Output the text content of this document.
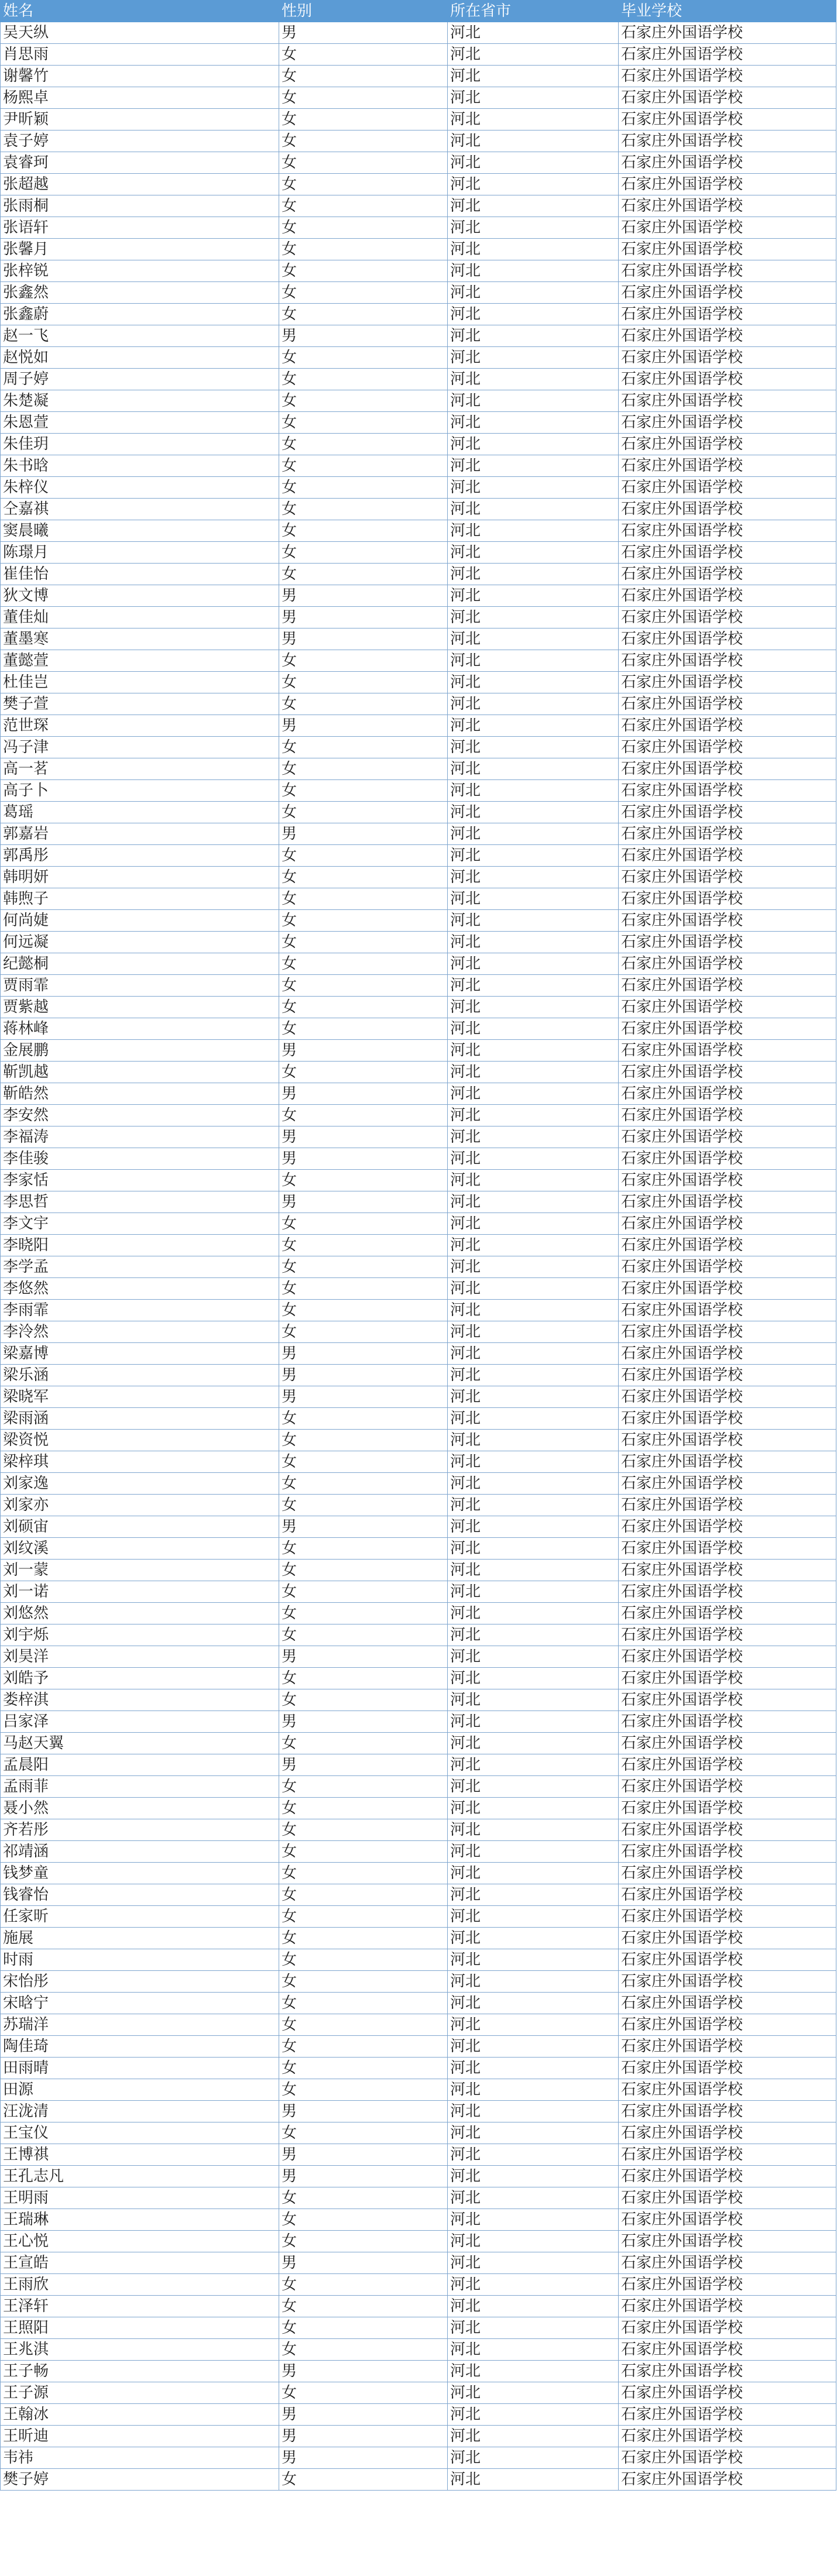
姓名	性别	所在省市	毕业学校
吴天纵	男	河北	石家庄外国语学校
肖思雨	女	河北	石家庄外国语学校
谢馨竹	女	河北	石家庄外国语学校
杨熙卓	女	河北	石家庄外国语学校
尹昕颖	女	河北	石家庄外国语学校
袁子婷	女	河北	石家庄外国语学校
袁睿珂	女	河北	石家庄外国语学校
张超越	女	河北	石家庄外国语学校
张雨桐	女	河北	石家庄外国语学校
张语轩	女	河北	石家庄外国语学校
张馨月	女	河北	石家庄外国语学校
张梓锐	女	河北	石家庄外国语学校
张鑫然	女	河北	石家庄外国语学校
张鑫蔚	女	河北	石家庄外国语学校
赵一飞	男	河北	石家庄外国语学校
赵悦如	女	河北	石家庄外国语学校
周子婷	女	河北	石家庄外国语学校
朱楚凝	女	河北	石家庄外国语学校
朱恩萱	女	河北	石家庄外国语学校
朱佳玥	女	河北	石家庄外国语学校
朱书晗	女	河北	石家庄外国语学校
朱梓仪	女	河北	石家庄外国语学校
仝嘉祺	女	河北	石家庄外国语学校
窦晨曦	女	河北	石家庄外国语学校
陈璟月	女	河北	石家庄外国语学校
崔佳怡	女	河北	石家庄外国语学校
狄文博	男	河北	石家庄外国语学校
董佳灿	男	河北	石家庄外国语学校
董墨寒	男	河北	石家庄外国语学校
董懿萱	女	河北	石家庄外国语学校
杜佳岂	女	河北	石家庄外国语学校
樊子萱	女	河北	石家庄外国语学校
范世琛	男	河北	石家庄外国语学校
冯子津	女	河北	石家庄外国语学校
高一茗	女	河北	石家庄外国语学校
高子卜	女	河北	石家庄外国语学校
葛瑶	女	河北	石家庄外国语学校
郭嘉岩	男	河北	石家庄外国语学校
郭禹彤	女	河北	石家庄外国语学校
韩明妍	女	河北	石家庄外国语学校
韩煦子	女	河北	石家庄外国语学校
何尚婕	女	河北	石家庄外国语学校
何远凝	女	河北	石家庄外国语学校
纪懿桐	女	河北	石家庄外国语学校
贾雨霏	女	河北	石家庄外国语学校
贾紫越	女	河北	石家庄外国语学校
蒋林峰	女	河北	石家庄外国语学校
金展鹏	男	河北	石家庄外国语学校
靳凯越	女	河北	石家庄外国语学校
靳皓然	男	河北	石家庄外国语学校
李安然	女	河北	石家庄外国语学校
李福涛	男	河北	石家庄外国语学校
李佳骏	男	河北	石家庄外国语学校
李家恬	女	河北	石家庄外国语学校
李思哲	男	河北	石家庄外国语学校
李文宇	女	河北	石家庄外国语学校
李晓阳	女	河北	石家庄外国语学校
李学孟	女	河北	石家庄外国语学校
李悠然	女	河北	石家庄外国语学校
李雨霏	女	河北	石家庄外国语学校
李泠然	女	河北	石家庄外国语学校
梁嘉博	男	河北	石家庄外国语学校
梁乐涵	男	河北	石家庄外国语学校
梁晓军	男	河北	石家庄外国语学校
梁雨涵	女	河北	石家庄外国语学校
梁资悦	女	河北	石家庄外国语学校
梁梓琪	女	河北	石家庄外国语学校
刘家逸	女	河北	石家庄外国语学校
刘家亦	女	河北	石家庄外国语学校
刘硕宙	男	河北	石家庄外国语学校
刘纹溪	女	河北	石家庄外国语学校
刘一蒙	女	河北	石家庄外国语学校
刘一诺	女	河北	石家庄外国语学校
刘悠然	女	河北	石家庄外国语学校
刘宇烁	女	河北	石家庄外国语学校
刘昊洋	男	河北	石家庄外国语学校
刘皓予	女	河北	石家庄外国语学校
娄梓淇	女	河北	石家庄外国语学校
吕家泽	男	河北	石家庄外国语学校
马赵天翼	女	河北	石家庄外国语学校
孟晨阳	男	河北	石家庄外国语学校
孟雨菲	女	河北	石家庄外国语学校
聂小然	女	河北	石家庄外国语学校
齐若彤	女	河北	石家庄外国语学校
祁靖涵	女	河北	石家庄外国语学校
钱梦童	女	河北	石家庄外国语学校
钱睿怡	女	河北	石家庄外国语学校
任家昕	女	河北	石家庄外国语学校
施展	女	河北	石家庄外国语学校
时雨	女	河北	石家庄外国语学校
宋怡彤	女	河北	石家庄外国语学校
宋晗宁	女	河北	石家庄外国语学校
苏瑞洋	女	河北	石家庄外国语学校
陶佳琦	女	河北	石家庄外国语学校
田雨晴	女	河北	石家庄外国语学校
田源	女	河北	石家庄外国语学校
汪泷清	男	河北	石家庄外国语学校
王宝仪	女	河北	石家庄外国语学校
王博祺	男	河北	石家庄外国语学校
王孔志凡	男	河北	石家庄外国语学校
王明雨	女	河北	石家庄外国语学校
王瑞琳	女	河北	石家庄外国语学校
王心悦	女	河北	石家庄外国语学校
王宣皓	男	河北	石家庄外国语学校
王雨欣	女	河北	石家庄外国语学校
王泽轩	女	河北	石家庄外国语学校
王照阳	女	河北	石家庄外国语学校
王兆淇	女	河北	石家庄外国语学校
王子畅	男	河北	石家庄外国语学校
王子源	女	河北	石家庄外国语学校
王翰冰	男	河北	石家庄外国语学校
王昕迪	男	河北	石家庄外国语学校
韦祎	男	河北	石家庄外国语学校
樊子婷	女	河北	石家庄外国语学校
